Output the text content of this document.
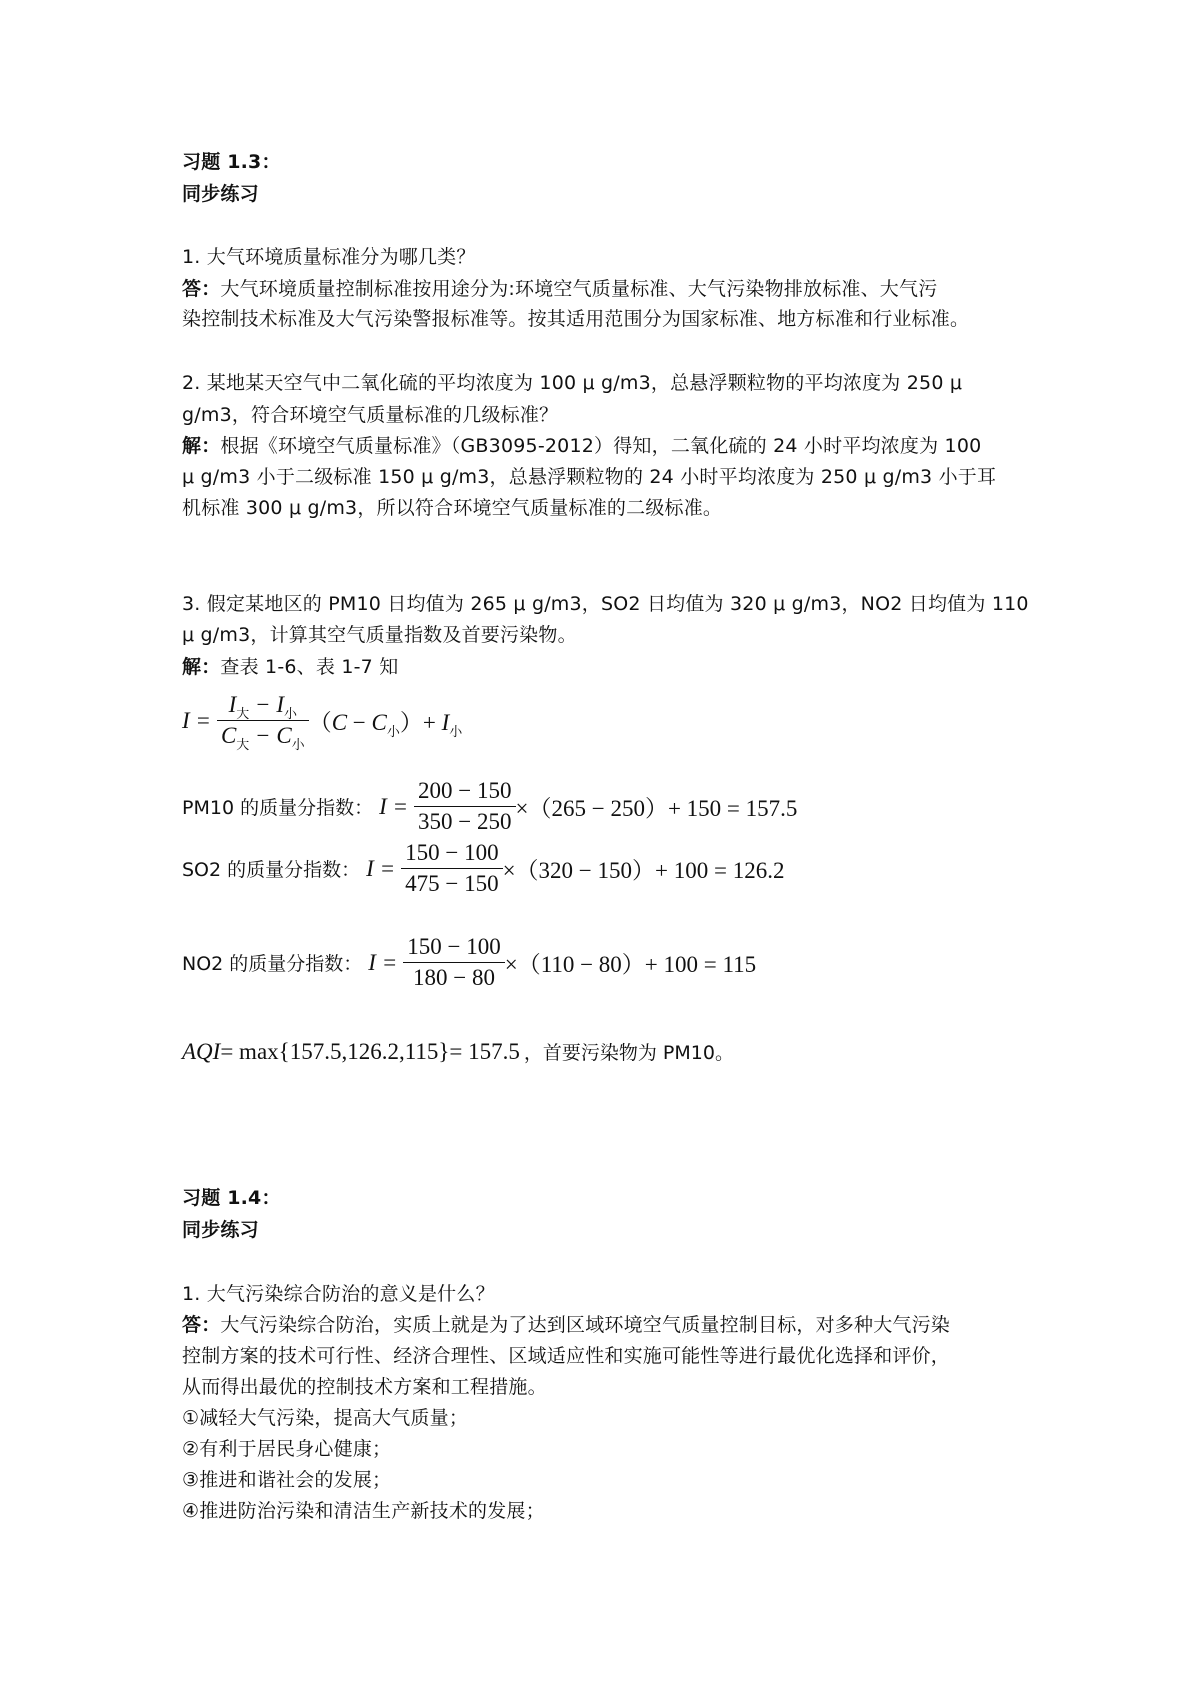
习题 1.3：
同步练习
1. 大气环境质量标准分为哪几类？
答：大气环境质量控制标准按用途分为:环境空气质量标准、大气污染物排放标准、大气污
染控制技术标准及大气污染警报标准等。按其适用范围分为国家标准、地方标准和行业标准。
2. 某地某天空气中二氧化硫的平均浓度为 100 μ g/m3，总悬浮颗粒物的平均浓度为 250 μ
g/m3，符合环境空气质量标准的几级标准？
解：根据《环境空气质量标准》（GB3095-2012）得知，二氧化硫的 24 小时平均浓度为 100
μ g/m3 小于二级标准 150 μ g/m3，总悬浮颗粒物的 24 小时平均浓度为 250 μ g/m3 小于耳
机标准 300 μ g/m3，所以符合环境空气质量标准的二级标准。
3. 假定某地区的 PM10 日均值为 265 μ g/m3，SO2 日均值为 320 μ g/m3，NO2 日均值为 110
μ g/m3，计算其空气质量指数及首要污染物。
解：查表 1-6、表 1-7 知
$I = \frac{I_大 - I_小}{C_大 - C_小} (C - C_小)+ I_小$
PM10 的质量分指数： $I = \frac{200 - 150}{350 - 250} \times(265 - 250)+ 150 = 157.5$
SO2 的质量分指数： $I = \frac{150 - 100}{475 - 150} \times(320 - 150)+ 100 = 126.2$
NO2 的质量分指数： $I = \frac{150 - 100}{180 - 80} \times(110 - 80)+ 100 = 115$
AQI = max {157.5,126.2,115} = 157.5 ，首要污染物为 PM10。
习题 1.4：
同步练习
1. 大气污染综合防治的意义是什么？
答：大气污染综合防治，实质上就是为了达到区域环境空气质量控制目标，对多种大气污染
控制方案的技术可行性、经济合理性、区域适应性和实施可能性等进行最优化选择和评价，
从而得出最优的控制技术方案和工程措施。
①减轻大气污染，提高大气质量；
②有利于居民身心健康；
③推进和谐社会的发展；
④推进防治污染和清洁生产新技术的发展；
